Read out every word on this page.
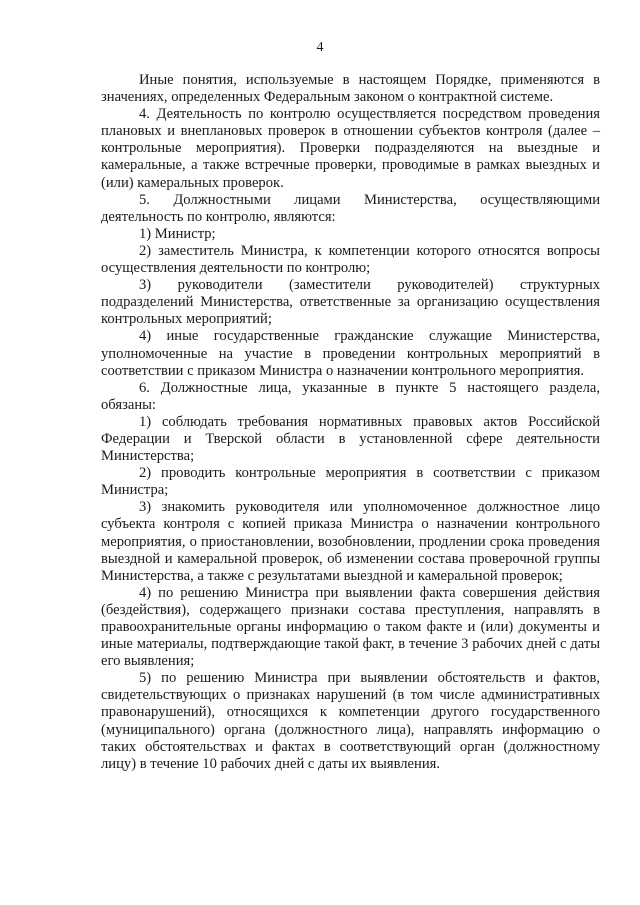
4

Иные понятия, используемые в настоящем Порядке, применяются в значениях, определенных Федеральным законом о контрактной системе.

4. Деятельность по контролю осуществляется посредством проведения плановых и внеплановых проверок в отношении субъектов контроля (далее – контрольные мероприятия). Проверки подразделяются на выездные и камеральные, а также встречные проверки, проводимые в рамках выездных и (или) камеральных проверок.

5. Должностными лицами Министерства, осуществляющими деятельность по контролю, являются:

1) Министр;

2) заместитель Министра, к компетенции которого относятся вопросы осуществления деятельности по контролю;

3) руководители (заместители руководителей) структурных подразделений Министерства, ответственные за организацию осуществления контрольных мероприятий;

4) иные государственные гражданские служащие Министерства, уполномоченные на участие в проведении контрольных мероприятий в соответствии с приказом Министра о назначении контрольного мероприятия.

6. Должностные лица, указанные в пункте 5 настоящего раздела, обязаны:

1) соблюдать требования нормативных правовых актов Российской Федерации и Тверской области в установленной сфере деятельности Министерства;

2) проводить контрольные мероприятия в соответствии с приказом Министра;

3) знакомить руководителя или уполномоченное должностное лицо субъекта контроля с копией приказа Министра о назначении контрольного мероприятия, о приостановлении, возобновлении, продлении срока проведения выездной и камеральной проверок, об изменении состава проверочной группы Министерства, а также с результатами выездной и камеральной проверок;

4) по решению Министра при выявлении факта совершения действия (бездействия), содержащего признаки состава преступления, направлять в правоохранительные органы информацию о таком факте и (или) документы и иные материалы, подтверждающие такой факт, в течение 3 рабочих дней с даты его выявления;

5) по решению Министра при выявлении обстоятельств и фактов, свидетельствующих о признаках нарушений (в том числе административных правонарушений), относящихся к компетенции другого государственного (муниципального) органа (должностного лица), направлять информацию о таких обстоятельствах и фактах в соответствующий орган (должностному лицу) в течение 10 рабочих дней с даты их выявления.
